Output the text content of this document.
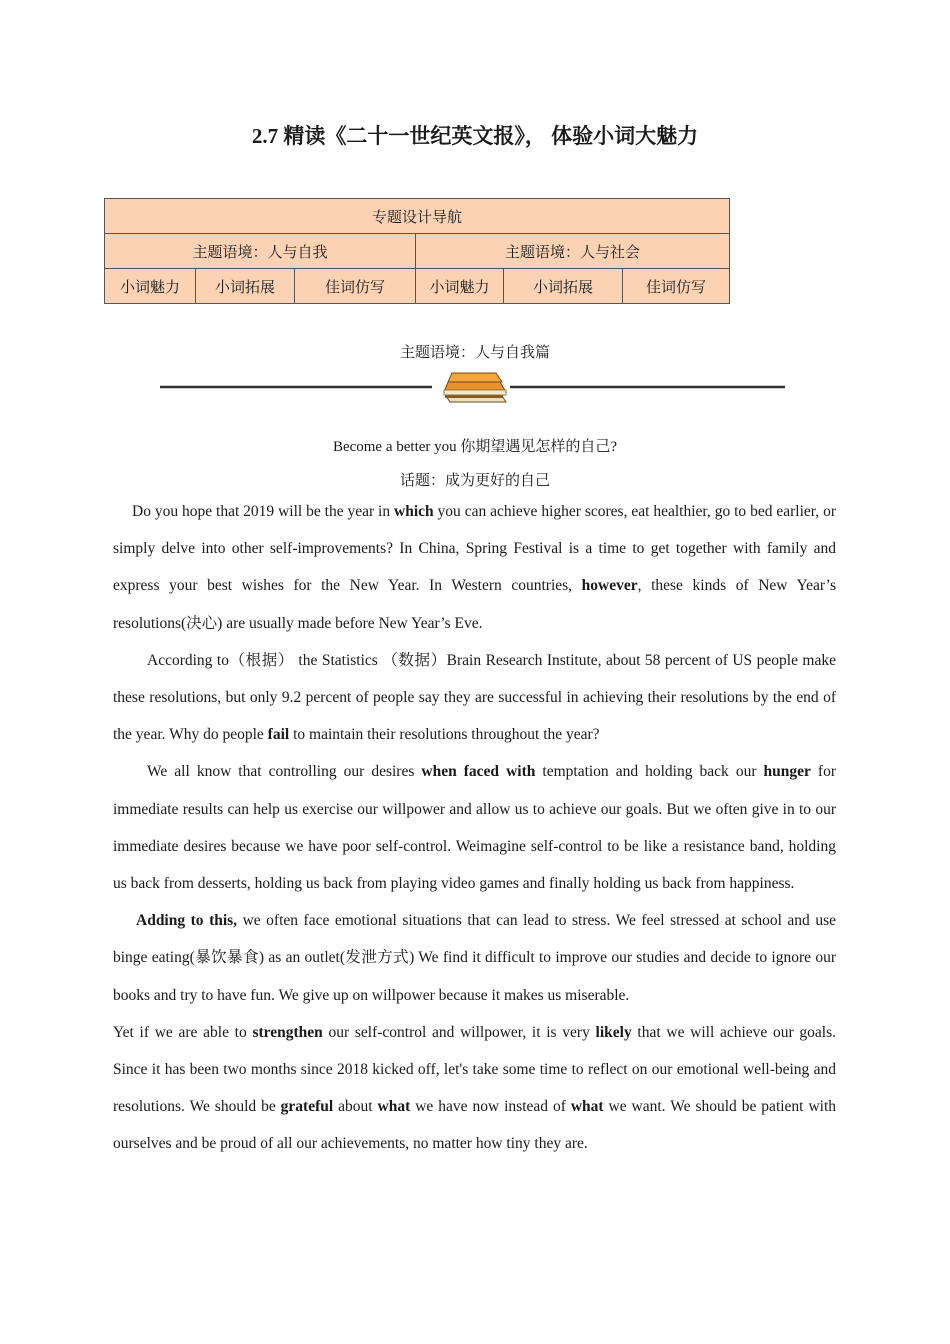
2.7 精读《二十一世纪英文报》， 体验小词大魅力
专题设计导航					
主题语境：人与自我			主题语境：人与社会		
小词魅力	小词拓展	佳词仿写	小词魅力	小词拓展	佳词仿写
主题语境：人与自我篇
Become a better you 你期望遇见怎样的自己?
话题：成为更好的自己

Do you hope that 2019 will be the year in which you can achieve higher scores, eat healthier, go to bed earlier, or simply delve into other self-improvements? In China, Spring Festival is a time to get together with family and express your best wishes for the New Year. In Western countries, however, these kinds of New Year’s resolutions(决心) are usually made before New Year’s Eve.

According to（根据） the Statistics （数据）Brain Research Institute, about 58 percent of US people make these resolutions, but only 9.2 percent of people say they are successful in achieving their resolutions by the end of the year. Why do people fail to maintain their resolutions throughout the year?

We all know that controlling our desires when faced with temptation and holding back our hunger for immediate results can help us exercise our willpower and allow us to achieve our goals. But we often give in to our immediate desires because we have poor self-control. Weimagine self-control to be like a resistance band, holding us back from desserts, holding us back from playing video games and finally holding us back from happiness.

Adding to this, we often face emotional situations that can lead to stress. We feel stressed at school and use binge eating(暴饮暴食) as an outlet(发泄方式) We find it difficult to improve our studies and decide to ignore our books and try to have fun. We give up on willpower because it makes us miserable.

Yet if we are able to strengthen our self-control and willpower, it is very likely that we will achieve our goals. Since it has been two months since 2018 kicked off, let's take some time to reflect on our emotional well-being and resolutions. We should be grateful about what we have now instead of what we want. We should be patient with ourselves and be proud of all our achievements, no matter how tiny they are.
